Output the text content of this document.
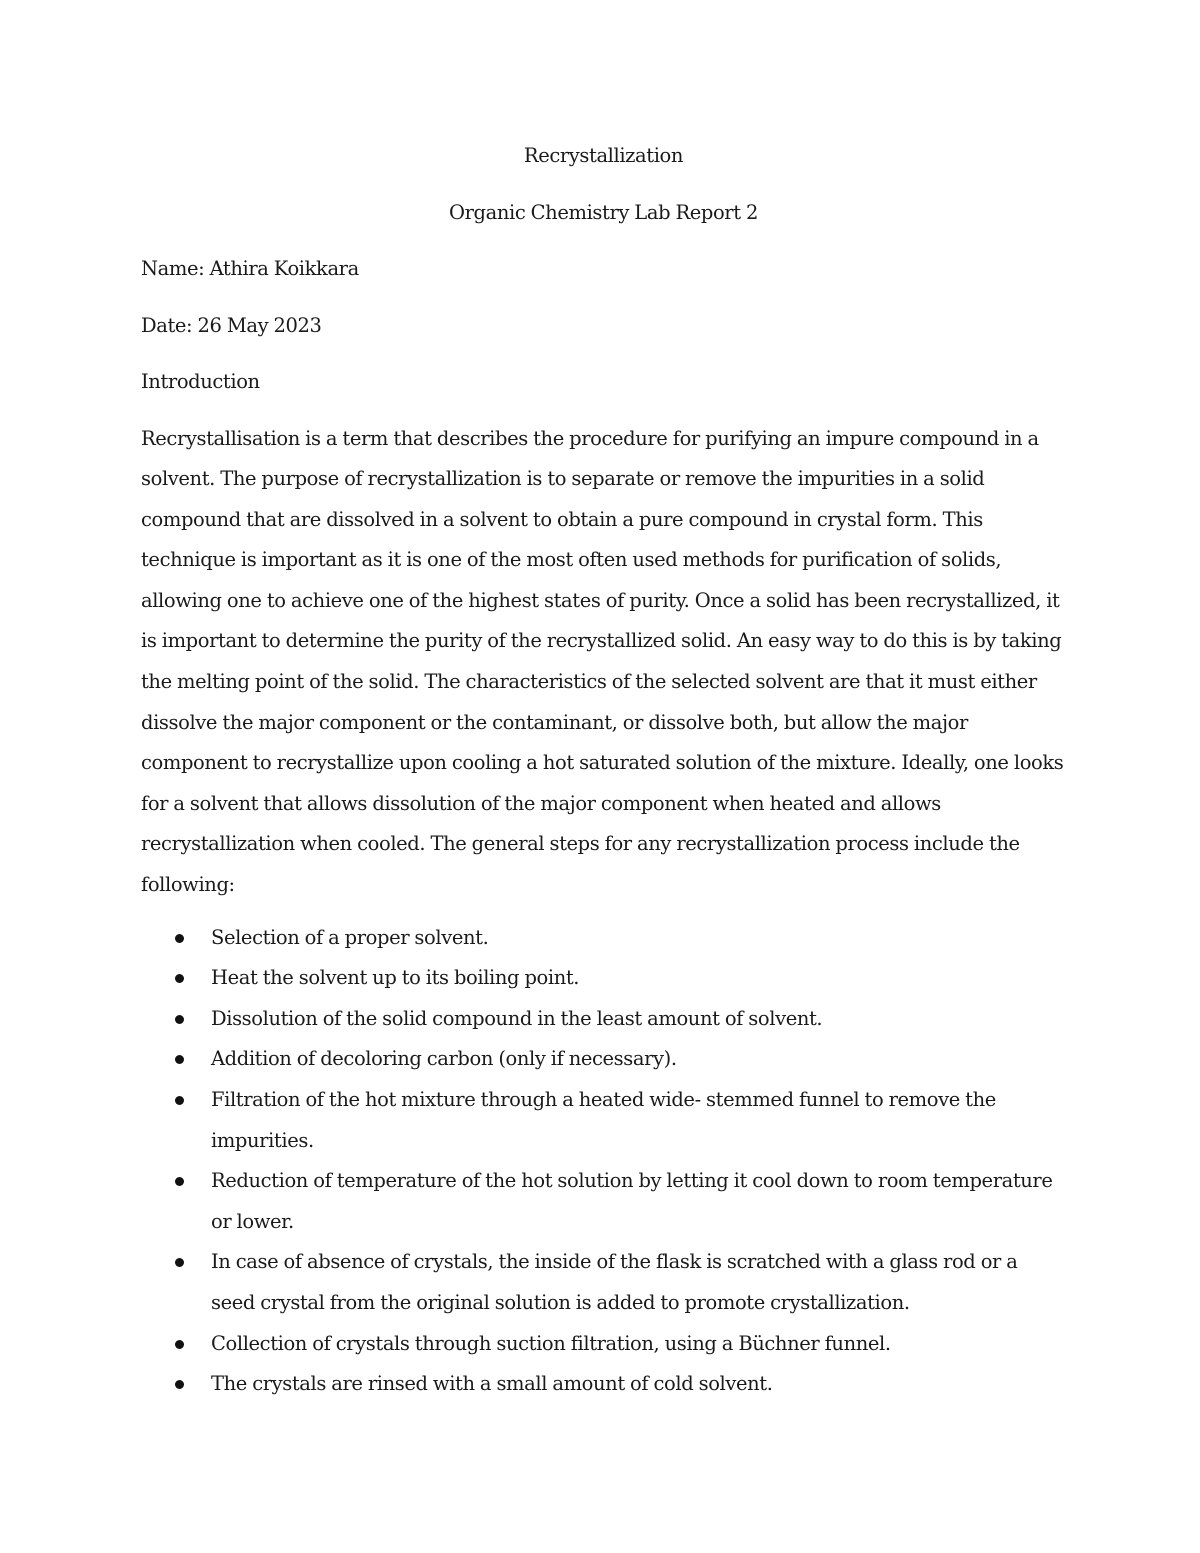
Recrystallization
Organic Chemistry Lab Report 2
Name: Athira Koikkara
Date: 26 May 2023
Introduction

Recrystallisation is a term that describes the procedure for purifying an impure compound in a solvent. The purpose of recrystallization is to separate or remove the impurities in a solid compound that are dissolved in a solvent to obtain a pure compound in crystal form. This technique is important as it is one of the most often used methods for purification of solids, allowing one to achieve one of the highest states of purity. Once a solid has been recrystallized, it is important to determine the purity of the recrystallized solid. An easy way to do this is by taking the melting point of the solid. The characteristics of the selected solvent are that it must either dissolve the major component or the contaminant, or dissolve both, but allow the major component to recrystallize upon cooling a hot saturated solution of the mixture. Ideally, one looks for a solvent that allows dissolution of the major component when heated and allows recrystallization when cooled. The general steps for any recrystallization process include the following:

Selection of a proper solvent.
Heat the solvent up to its boiling point.
Dissolution of the solid compound in the least amount of solvent.
Addition of decoloring carbon (only if necessary).
Filtration of the hot mixture through a heated wide- stemmed funnel to remove the impurities.
Reduction of temperature of the hot solution by letting it cool down to room temperature or lower.
In case of absence of crystals, the inside of the flask is scratched with a glass rod or a seed crystal from the original solution is added to promote crystallization.
Collection of crystals through suction filtration, using a Büchner funnel.
The crystals are rinsed with a small amount of cold solvent.
